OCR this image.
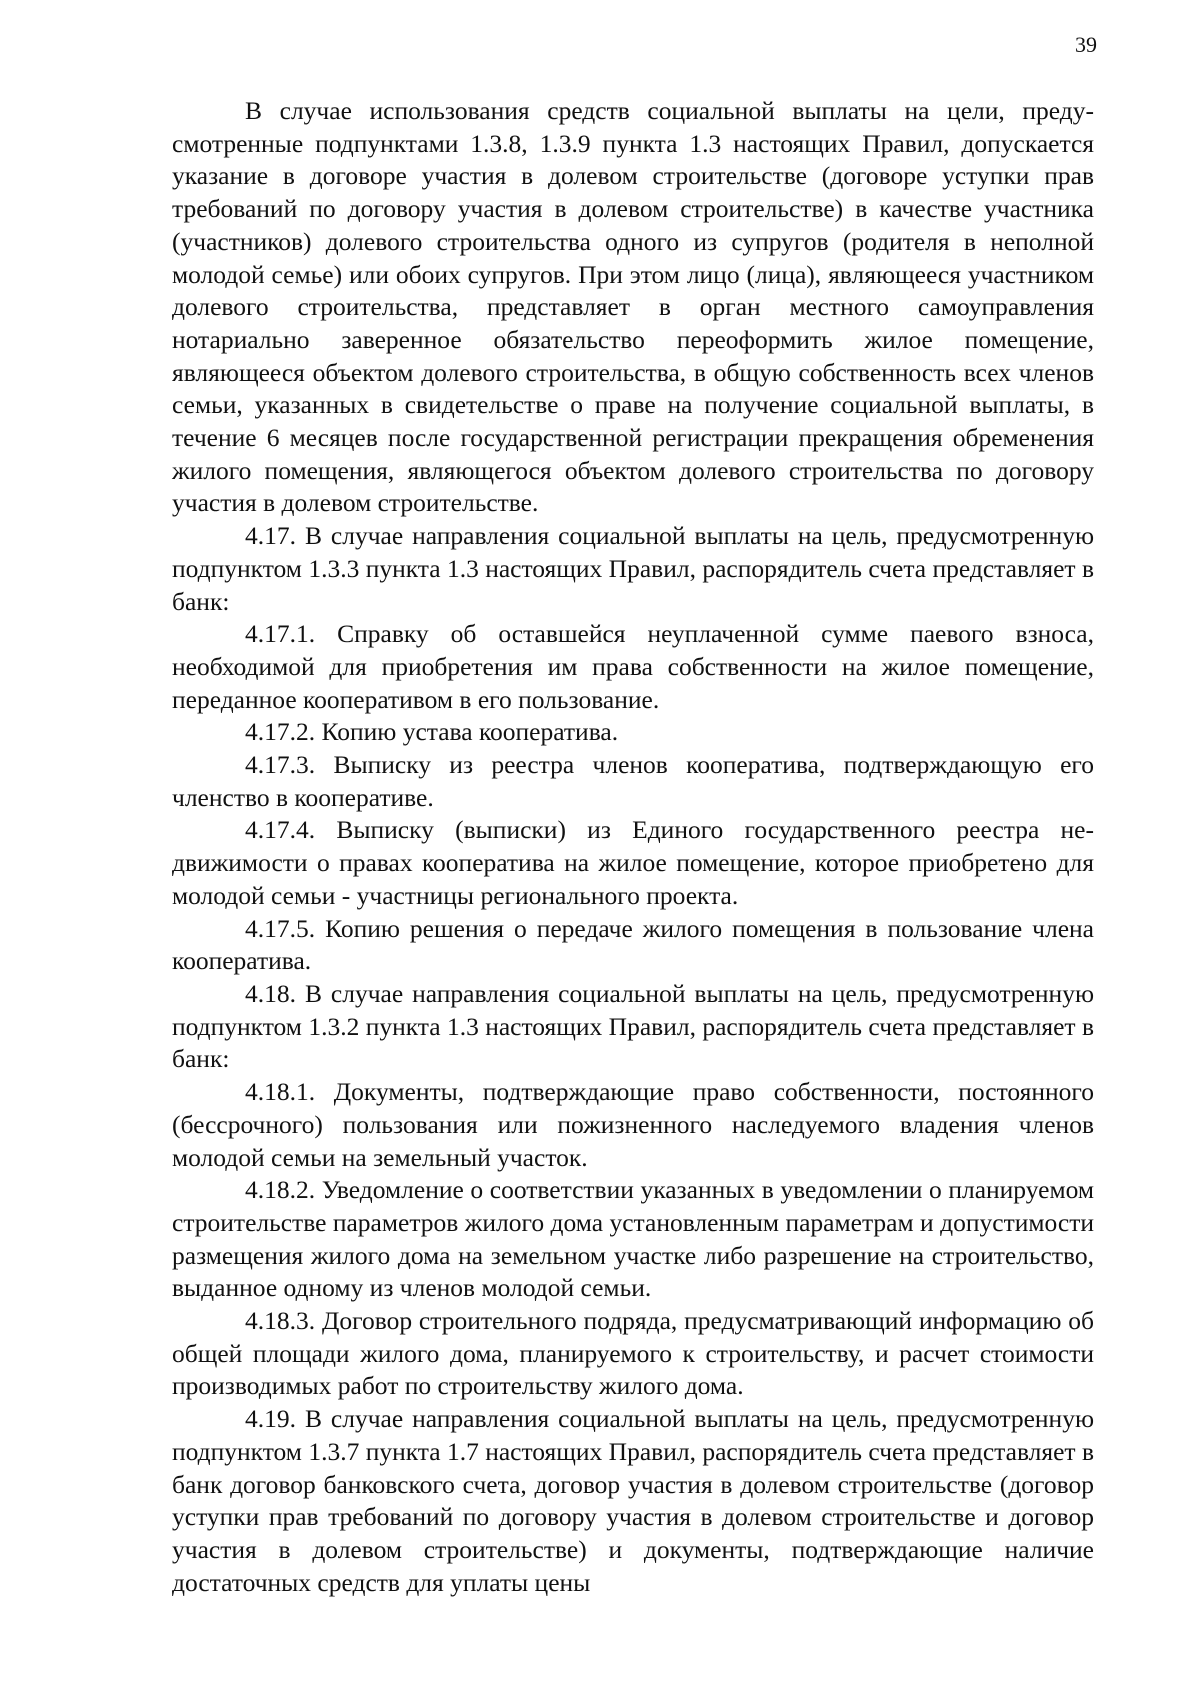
39

В случае использования средств социальной выплаты на цели, предусмотренные подпунктами 1.3.8, 1.3.9 пункта 1.3 настоящих Правил, допускается указание в договоре участия в долевом строительстве (договоре уступки прав требований по договору участия в долевом строительстве) в качестве участника (участников) долевого строительства одного из супругов (родителя в неполной молодой семье) или обоих супругов. При этом лицо (лица), являющееся участником долевого строительства, представляет в орган местного самоуправления нотариально заверенное обязательство переоформить жилое помещение, являющееся объектом долевого строительства, в общую собственность всех членов семьи, указанных в свидетельстве о праве на получение социальной выплаты, в течение 6 месяцев после государственной регистрации прекращения обременения жилого помещения, являющегося объектом долевого строительства по договору участия в долевом строительстве.

4.17. В случае направления социальной выплаты на цель, предусмотренную подпунктом 1.3.3 пункта 1.3 настоящих Правил, распорядитель счета представляет в банк:

4.17.1. Справку об оставшейся неуплаченной сумме паевого взноса, необходимой для приобретения им права собственности на жилое помещение, переданное кооперативом в его пользование.

4.17.2. Копию устава кооператива.

4.17.3. Выписку из реестра членов кооператива, подтверждающую его членство в кооперативе.

4.17.4. Выписку (выписки) из Единого государственного реестра недвижимости о правах кооператива на жилое помещение, которое приобретено для молодой семьи - участницы регионального проекта.

4.17.5. Копию решения о передаче жилого помещения в пользование члена кооператива.

4.18. В случае направления социальной выплаты на цель, предусмотренную подпунктом 1.3.2 пункта 1.3 настоящих Правил, распорядитель счета представляет в банк:

4.18.1. Документы, подтверждающие право собственности, постоянного (бессрочного) пользования или пожизненного наследуемого владения членов молодой семьи на земельный участок.

4.18.2. Уведомление о соответствии указанных в уведомлении о планируемом строительстве параметров жилого дома установленным параметрам и допустимости размещения жилого дома на земельном участке либо разрешение на строительство, выданное одному из членов молодой семьи.

4.18.3. Договор строительного подряда, предусматривающий информацию об общей площади жилого дома, планируемого к строительству, и расчет стоимости производимых работ по строительству жилого дома.

4.19. В случае направления социальной выплаты на цель, предусмотренную подпунктом 1.3.7 пункта 1.7 настоящих Правил, распорядитель счета представляет в банк договор банковского счета, договор участия в долевом строительстве (договор уступки прав требований по договору участия в долевом строительстве и договор участия в долевом строительстве) и документы, подтверждающие наличие достаточных средств для уплаты цены
